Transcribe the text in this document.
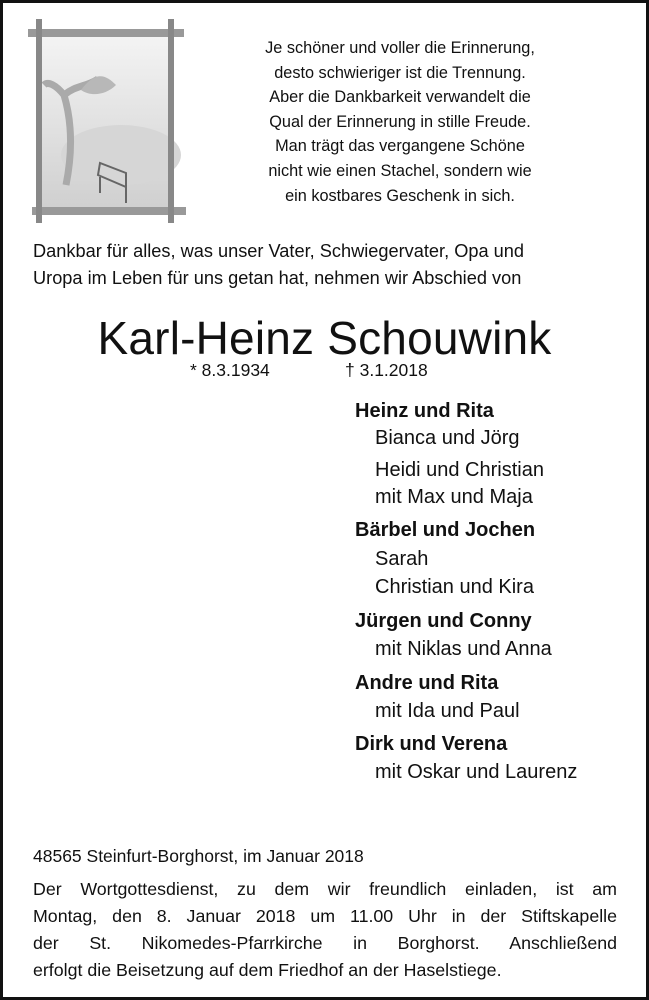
Je schöner und voller die Erinnerung,
desto schwieriger ist die Trennung.
Aber die Dankbarkeit verwandelt die
Qual der Erinnerung in stille Freude.
Man trägt das vergangene Schöne
nicht wie einen Stachel, sondern wie
ein kostbares Geschenk in sich.
Dankbar für alles, was unser Vater, Schwiegervater, Opa und
Uropa im Leben für uns getan hat, nehmen wir Abschied von
Karl-Heinz Schouwink
* 8.3.1934	† 3.1.2018
Heinz und Rita
Bianca und Jörg
Heidi und Christian
mit Max und Maja
Bärbel und Jochen
Sarah
Christian und Kira
Jürgen und Conny
mit Niklas und Anna
Andre und Rita
mit Ida und Paul
Dirk und Verena
mit Oskar und Laurenz
48565 Steinfurt-Borghorst, im Januar 2018
Der Wortgottesdienst, zu dem wir freundlich einladen, ist am
Montag, den 8. Januar 2018 um 11.00 Uhr in der Stiftskapelle
der St. Nikomedes-Pfarrkirche in Borghorst. Anschließend
erfolgt die Beisetzung auf dem Friedhof an der Haselstiege.
